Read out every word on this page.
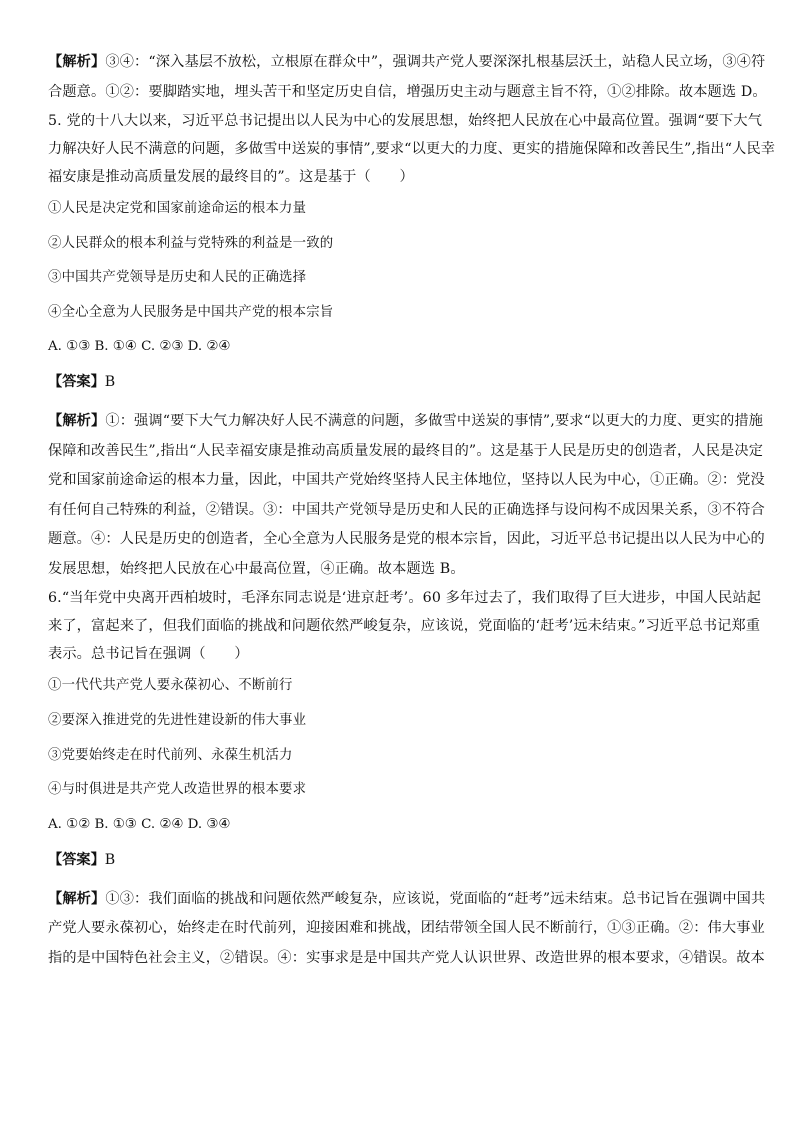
【解析】③④：“深入基层不放松，立根原在群众中”，强调共产党人要深深扎根基层沃土，站稳人民立场，③④符
合题意。①②：要脚踏实地，埋头苦干和坚定历史自信，增强历史主动与题意主旨不符，①②排除。故本题选 D。
5. 党的十八大以来，习近平总书记提出以人民为中心的发展思想，始终把人民放在心中最高位置。强调“要下大气
力解决好人民不满意的问题，多做雪中送炭的事情”,要求“以更大的力度、更实的措施保障和改善民生”,指出“人民幸
福安康是推动高质量发展的最终目的”。这是基于（　　）
①人民是决定党和国家前途命运的根本力量
②人民群众的根本利益与党特殊的利益是一致的
③中国共产党领导是历史和人民的正确选择
④全心全意为人民服务是中国共产党的根本宗旨
A. ①③ B. ①④ C. ②③ D. ②④
【答案】B
【解析】①：强调“要下大气力解决好人民不满意的问题，多做雪中送炭的事情”,要求“以更大的力度、更实的措施
保障和改善民生”,指出“人民幸福安康是推动高质量发展的最终目的”。这是基于人民是历史的创造者，人民是决定
党和国家前途命运的根本力量，因此，中国共产党始终坚持人民主体地位，坚持以人民为中心，①正确。②：党没
有任何自己特殊的利益，②错误。③：中国共产党领导是历史和人民的正确选择与设问构不成因果关系，③不符合
题意。④：人民是历史的创造者，全心全意为人民服务是党的根本宗旨，因此，习近平总书记提出以人民为中心的
发展思想，始终把人民放在心中最高位置，④正确。故本题选 B。
6.“当年党中央离开西柏坡时，毛泽东同志说是‘进京赶考’。60 多年过去了，我们取得了巨大进步，中国人民站起
来了，富起来了，但我们面临的挑战和问题依然严峻复杂，应该说，党面临的‘赶考’远未结束。”习近平总书记郑重
表示。总书记旨在强调（　　）
①一代代共产党人要永葆初心、不断前行
②要深入推进党的先进性建设新的伟大事业
③党要始终走在时代前列、永葆生机活力
④与时俱进是共产党人改造世界的根本要求
A. ①② B. ①③ C. ②④ D. ③④
【答案】B
【解析】①③：我们面临的挑战和问题依然严峻复杂，应该说，党面临的“赶考”远未结束。总书记旨在强调中国共
产党人要永葆初心，始终走在时代前列，迎接困难和挑战，团结带领全国人民不断前行，①③正确。②：伟大事业
指的是中国特色社会主义，②错误。④：实事求是是中国共产党人认识世界、改造世界的根本要求，④错误。故本
